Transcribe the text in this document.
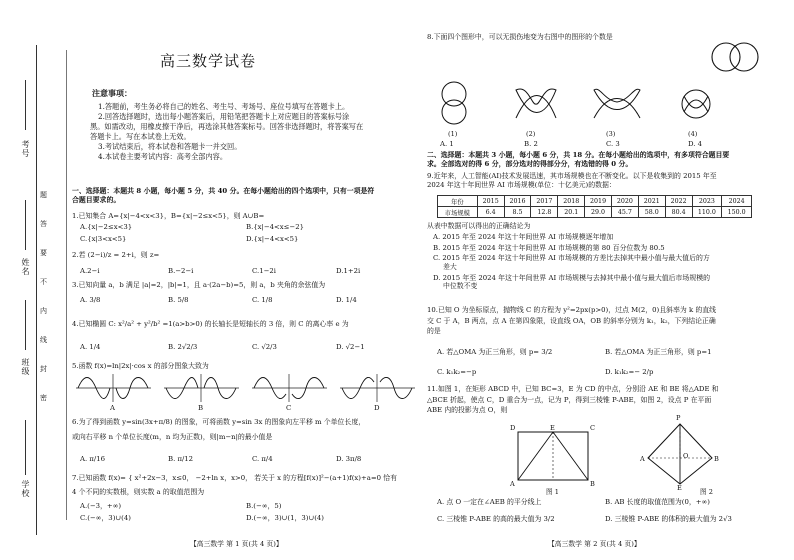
考号
姓名
班级
学校
题
答
要
不
内
线
封
密
高三数学试卷
注意事项：
1.答题前，考生务必将自己的姓名、考生号、考场号、座位号填写在答题卡上。
2.回答选择题时，选出每小题答案后，用铅笔把答题卡上对应题目的答案标号涂
黑。如需改动，用橡皮擦干净后，再选涂其他答案标号。回答非选择题时，将答案写在
答题卡上。写在本试卷上无效。
3.考试结束后，将本试卷和答题卡一并交回。
4.本试卷主要考试内容：高考全部内容。
一、选择题：本题共 8 小题，每小题 5 分，共 40 分。在每小题给出的四个选项中，只有一项是符
合题目要求的。
1.已知集合 A={x|−4<x<3}，B={x|−2≤x<5}，则 A∪B=
A.{x|−2≤x<3}	B.{x|−4<x≤−2}
C.{x|3<x<5}	D.{x|−4<x<5}
2.若 (2−i)/z = 2+i，则 z=
A.2−i	B.−2−i	C.1−2i	D.1+2i
3.已知向量 a，b 满足 |a|=2，|b|=1，且 a·(2a−b)=5，则 a，b 夹角的余弦值为
A. 3/8	B. 5/8	C. 1/8	D. 1/4
4.已知椭圆 C: x²/a² + y²/b² =1(a>b>0) 的长轴长是短轴长的 3 倍，则 C 的离心率 e 为
A. 1/4	B. 2√2/3	C. √2/3	D. √2−1
5.函数 f(x)=ln|2x|·cos x 的部分图象大致为
A	B	C	D
6.为了得到函数 y=sin(3x+π/8) 的图象，可将函数 y=sin 3x 的图象向左平移 m 个单位长度，
或向右平移 n 个单位长度(m，n 均为正数)，则|m−n|的最小值是
A. π/16	B. π/12	C. π/4	D. 3π/8
7.已知函数 f(x)= { x²+2x−3，x≤0， −2+ln x，x>0， 若关于 x 的方程[f(x)]²−(a+1)f(x)+a=0 恰有
4 个不同的实数根，则实数 a 的取值范围为
A.(−3，+∞)	B.(−∞，5)
C.(−∞，3)∪(4)	D.(−∞，3)∪(1，3)∪(4)
【高三数学 第 1 页(共 4 页)】
8.下面四个图形中，可以无损伤地变为右图中的图形的个数是
(1)	(2)	(3)	(4)
A. 1	B. 2	C. 3	D. 4
二、选择题：本题共 3 小题，每小题 6 分，共 18 分。在每小题给出的选项中，有多项符合题目要
求。全部选对的得 6 分，部分选对的得部分分，有选错的得 0 分。
9.近年来，人工智能(AI)技术发展迅速，其市场规模也在不断变化。以下是收集到的 2015 年至
2024 年这十年间世界 AI 市场规模(单位：十亿美元)的数据：
年份	2015	2016	2017	2018	2019	2020	2021	2022	2023	2024
市场规模	6.4	8.5	12.8	20.1	29.0	45.7	58.0	80.4	110.0	150.0
从表中数据可以得出的正确结论为
A. 2015 年至 2024 年这十年间世界 AI 市场规模逐年增加
B. 2015 年至 2024 年这十年间世界 AI 市场规模的第 80 百分位数为 80.5
C. 2015 年至 2024 年这十年间世界 AI 市场规模的方差比去掉其中最小值与最大值后的方
差大
D. 2015 年至 2024 年这十年间世界 AI 市场规模与去掉其中最小值与最大值后市场规模的
中位数不变
10.已知 O 为坐标原点，抛物线 C 的方程为 y²=2px(p>0)，过点 M(2，0)且斜率为 k 的直线
交 C 于 A，B 两点，点 A 在第四象限，设直线 OA，OB 的斜率分别为 k₁，k₂，下列结论正确
的是
A. 若△OMA 为正三角形，则 p= 3/2	B. 若△OMA 为正三角形，则 p=1
C. k₁k₂=−p	D. k₁k₂=− 2/p
11.如图 1，在矩形 ABCD 中，已知 BC=3，E 为 CD 的中点，分别沿 AE 和 BE 将△ADE 和
△BCE 折起，使点 C，D 重合为一点，记为 P，得到三棱锥 P-ABE，如图 2，设点 P 在平面
ABE 内的投影为点 O，则
D	E	C
A	B
图 1
P
A	B
E
O
图 2
A. 点 O 一定在∠AEB 的平分线上	B. AB 长度的取值范围为(0，+∞)
C. 三棱锥 P-ABE 的高的最大值为 3/2	D. 三棱锥 P-ABE 的体积的最大值为 2√3
【高三数学 第 2 页(共 4 页)】
